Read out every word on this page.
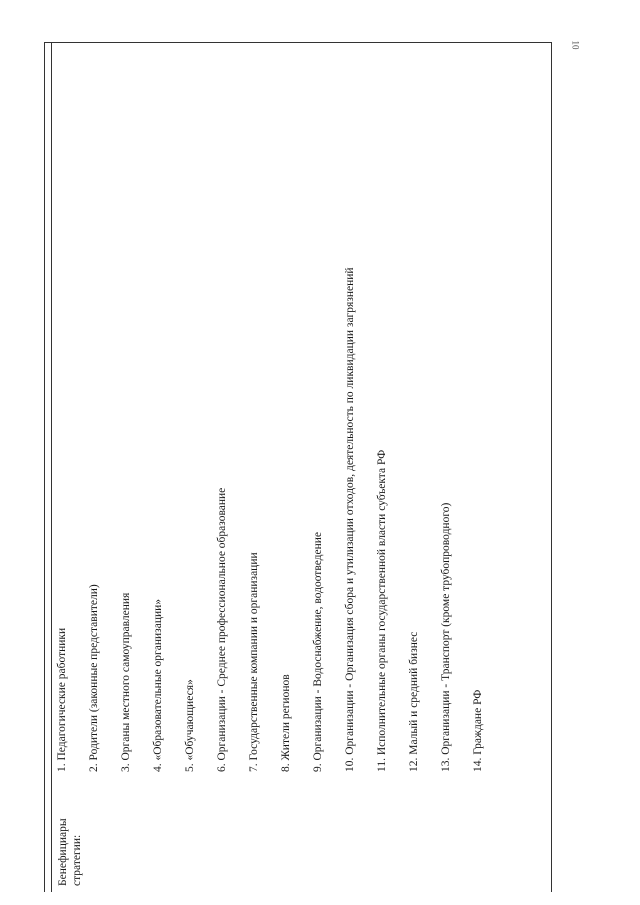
10
Бенефициары стратегии:
1. Педагогические работники	2. Родители (законные представители)	3. Органы местного самоуправления	4. «Образовательные организации»	5. «Обучающиеся»	6. Организации - Среднее профессиональное образование	7. Государственные компании и организации	8. Жители регионов	9. Организации - Водоснабжение, водоотведение	10. Организации - Организация сбора и утилизации отходов, деятельность по ликвидации загрязнений	11. Исполнительные органы государственной власти субъекта РФ	12. Малый и средний бизнес	13. Организации - Транспорт (кроме трубопроводного)	14. Граждане РФ
